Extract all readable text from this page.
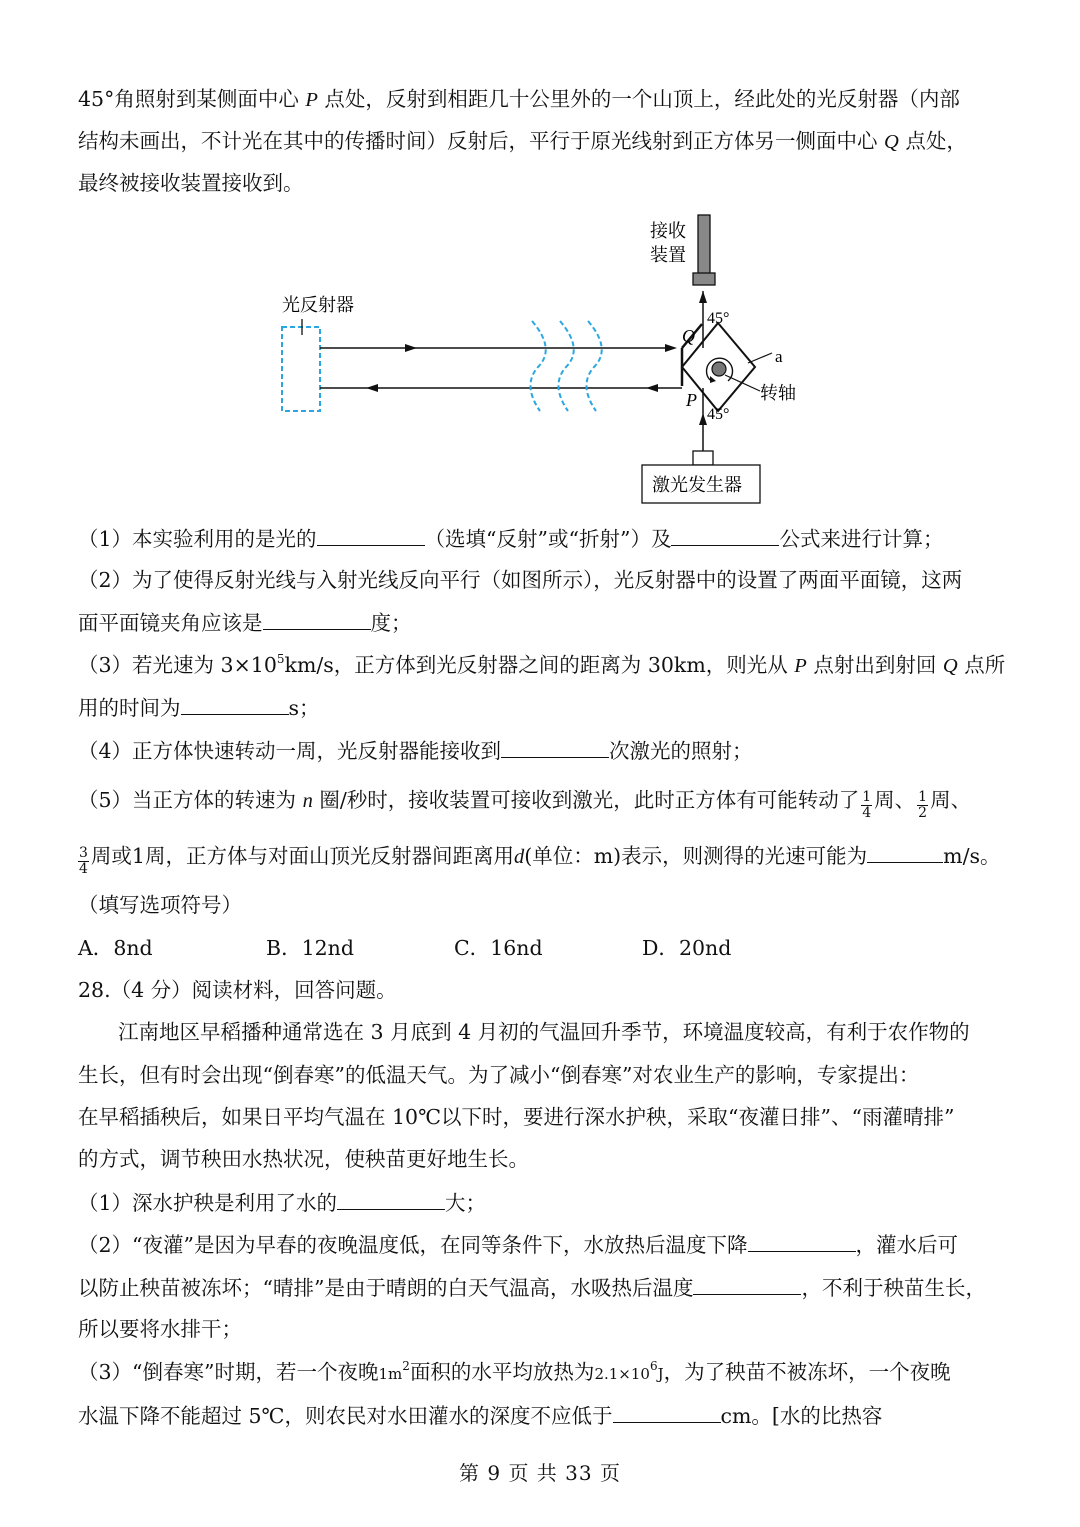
45°角照射到某侧面中心 P 点处，反射到相距几十公里外的一个山顶上，经此处的光反射器（内部
结构未画出，不计光在其中的传播时间）反射后，平行于原光线射到正方体另一侧面中心 Q 点处，
最终被接收装置接收到。
光反射器
a
转轴
45°
45°
Q
P
接收
装置
激光发生器
（1）本实验利用的是光的	（选填“反射”或“折射”）及	公式来进行计算；
（2）为了使得反射光线与入射光线反向平行（如图所示），光反射器中的设置了两面平面镜，这两
面平面镜夹角应该是	度；
（3）若光速为 $3\times 10^5km/s$，正方体到光反射器之间的距离为 30km，则光从 P 点射出到射回 Q 点所
用的时间为	s；
（4）正方体快速转动一周，光反射器能接收到	次激光的照射；
（5）当正方体的转速为 n 圈/秒时，接收装置可接收到激光，此时正方体有可能转动了 $\frac{1}{4}$ 周、 $\frac{1}{2}$ 周、
$\frac{3}{4}$ 周或1周，正方体与对面山顶光反射器间距离用d(单位：m)表示，则测得的光速可能为	m/s。
（填写选项符号）
A．8nd	B．12nd	C．16nd	D．20nd
28.（4 分）阅读材料，回答问题。
江南地区早稻播种通常选在 3 月底到 4 月初的气温回升季节，环境温度较高，有利于农作物的
生长，但有时会出现“倒春寒”的低温天气。为了减小“倒春寒”对农业生产的影响，专家提出：
在早稻插秧后，如果日平均气温在 10℃以下时，要进行深水护秧，采取“夜灌日排”、“雨灌晴排”
的方式，调节秧田水热状况，使秧苗更好地生长。
（1）深水护秧是利用了水的	大；
（2）“夜灌”是因为早春的夜晚温度低，在同等条件下，水放热后温度下降	，灌水后可
以防止秧苗被冻坏；“晴排”是由于晴朗的白天气温高，水吸热后温度	，不利于秧苗生长，
所以要将水排干；
（3）“倒春寒”时期，若一个夜晚$1m^2$面积的水平均放热为$2.1\times 10^6J$，为了秧苗不被冻坏，一个夜晚
水温下降不能超过 5℃，则农民对水田灌水的深度不应低于	cm。[水的比热容
第 9 页 共 33 页
